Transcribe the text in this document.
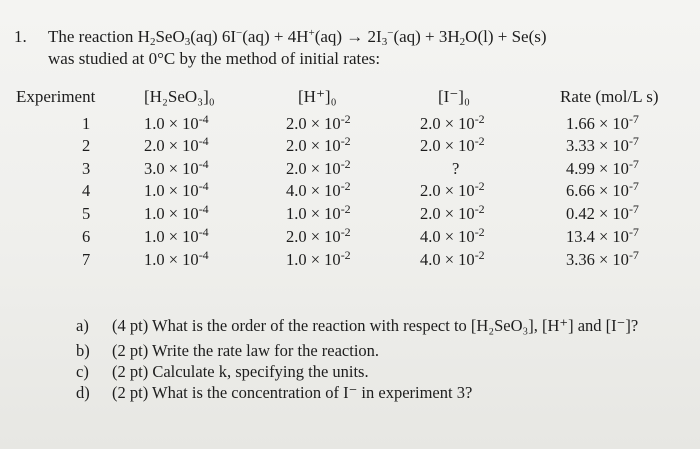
1. The reaction $H_2SeO_3(aq) 6I^-(aq) + 4H^+(aq) \to 2I_3^-(aq) + 3H_2O(l) + Se(s)$
was studied at 0°C by the method of initial rates:
Experiment	[H₂SeO₃]₀	[H⁺]₀	[I⁻]₀	Rate (mol/L s)
1	$1.0 \times 10^{-4}$	$2.0 \times 10^{-2}$	$2.0 \times 10^{-2}$	$1.66 \times 10^{-7}$
2	$2.0 \times 10^{-4}$	$2.0 \times 10^{-2}$	$2.0 \times 10^{-2}$	$3.33 \times 10^{-7}$
3	$3.0 \times 10^{-4}$	$2.0 \times 10^{-2}$	?	$4.99 \times 10^{-7}$
4	$1.0 \times 10^{-4}$	$4.0 \times 10^{-2}$	$2.0 \times 10^{-2}$	$6.66 \times 10^{-7}$
5	$1.0 \times 10^{-4}$	$1.0 \times 10^{-2}$	$2.0 \times 10^{-2}$	$0.42 \times 10^{-7}$
6	$1.0 \times 10^{-4}$	$2.0 \times 10^{-2}$	$4.0 \times 10^{-2}$	$13.4 \times 10^{-7}$
7	$1.0 \times 10^{-4}$	$1.0 \times 10^{-2}$	$4.0 \times 10^{-2}$	$3.36 \times 10^{-7}$
a) (4 pt) What is the order of the reaction with respect to [H₂SeO₃], [H⁺] and [I⁻]?
b) (2 pt) Write the rate law for the reaction.
c) (2 pt) Calculate k, specifying the units.
d) (2 pt) What is the concentration of I⁻ in experiment 3?
